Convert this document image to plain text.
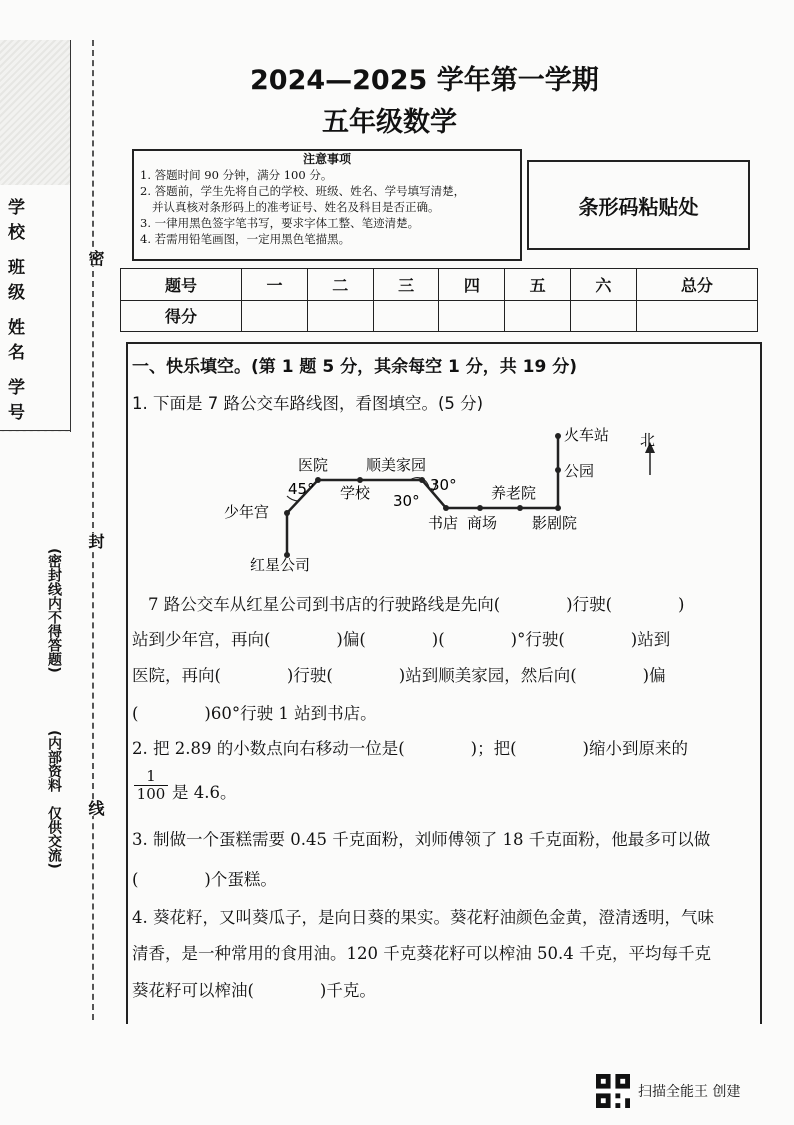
2024—2025 学年第一学期
五年级数学
学 校
班 级
姓 名
学 号
密
封
线
(密封线内不得答题)
(内部资料　仅供交流)
注意事项
1. 答题时间 90 分钟，满分 100 分。
2. 答题前，学生先将自己的学校、班级、姓名、学号填写清楚，
并认真核对条形码上的准考证号、姓名及科目是否正确。
3. 一律用黑色签字笔书写，要求字体工整、笔迹清楚。
4. 若需用铅笔画图，一定用黑色笔描黑。
条形码粘贴处
题号	一	二	三	四	五	六	总分
得分							
一、快乐填空。(第 1 题 5 分，其余每空 1 分，共 19 分)
1. 下面是 7 路公交车路线图，看图填空。(5 分)
北
火车站
公园
医院	顺美家园
学校	养老院
少年宫
书店 商场 影剧院
红星公司
45°
30°
30°
7 路公交车从红星公司到书店的行驶路线是先向(　　　　)行驶(　　　　)
站到少年宫，再向(　　　　)偏(　　　　)(　　　　)°行驶(　　　　)站到
医院，再向(　　　　)行驶(　　　　)站到顺美家园，然后向(　　　　)偏
(　　　　)60°行驶 1 站到书店。
2. 把 2.89 的小数点向右移动一位是(　　　　)；把(　　　　)缩小到原来的
$\frac{1}{100}$ 是 4.6。
3. 制做一个蛋糕需要 0.45 千克面粉，刘师傅领了 18 千克面粉，他最多可以做
(　　　　)个蛋糕。
4. 葵花籽，又叫葵瓜子，是向日葵的果实。葵花籽油颜色金黄，澄清透明，气味
清香，是一种常用的食用油。120 千克葵花籽可以榨油 50.4 千克，平均每千克
葵花籽可以榨油(　　　　)千克。
扫描全能王 创建
